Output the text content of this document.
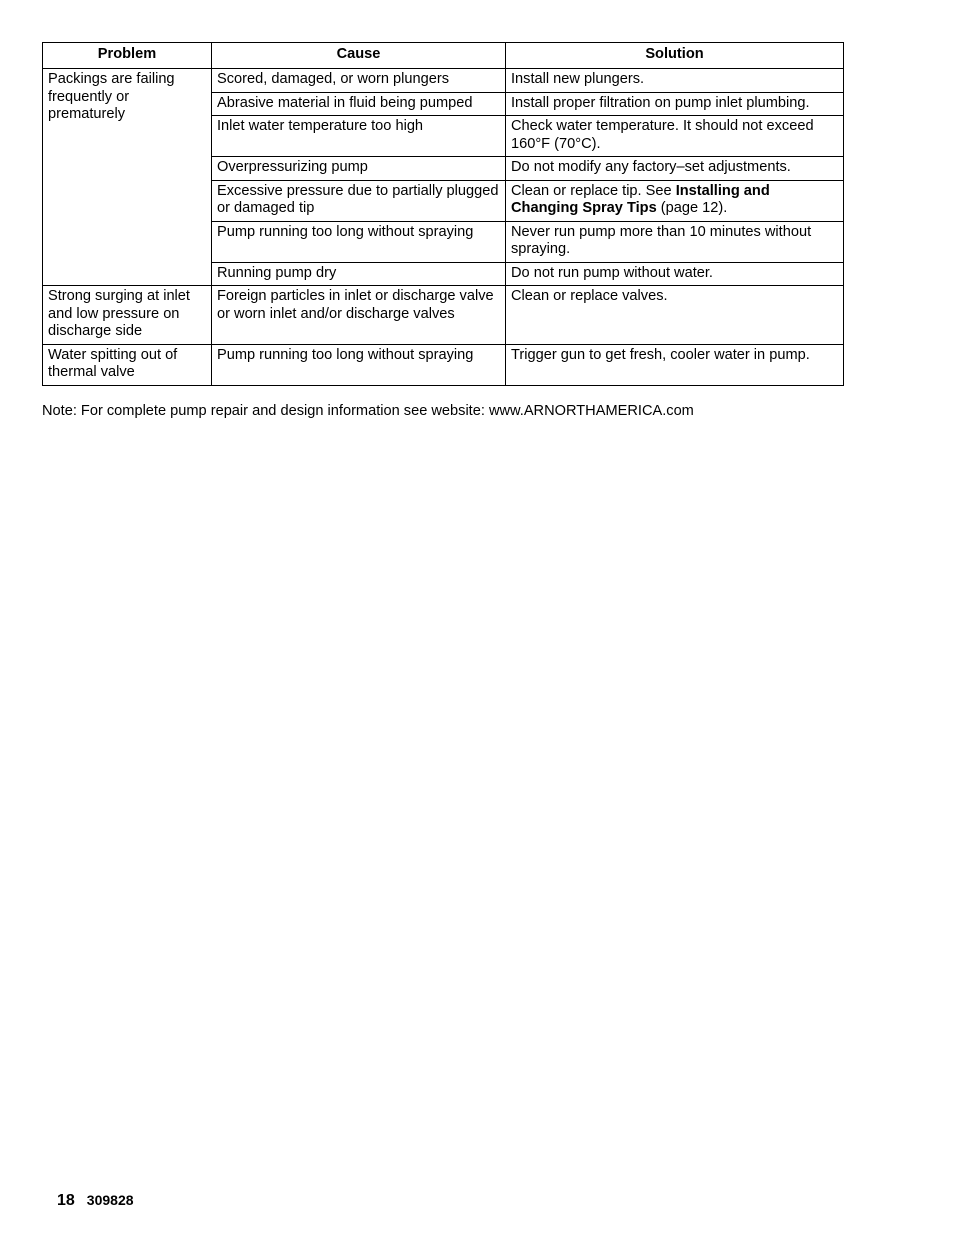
Problem	Cause	Solution
Packings are failing frequently or prematurely	Scored, damaged, or worn plungers	Install new plungers.
	Abrasive material in fluid being pumped	Install proper filtration on pump inlet plumbing.
	Inlet water temperature too high	Check water temperature. It should not exceed 160°F (70°C).
	Overpressurizing pump	Do not modify any factory–set adjustments.
	Excessive pressure due to partially plugged or damaged tip	Clean or replace tip. See Installing and Changing Spray Tips (page 12).
	Pump running too long without spraying	Never run pump more than 10 minutes without spraying.
	Running pump dry	Do not run pump without water.
Strong surging at inlet and low pressure on discharge side	Foreign particles in inlet or discharge valve or worn inlet and/or discharge valves	Clean or replace valves.
Water spitting out of thermal valve	Pump running too long without spraying	Trigger gun to get fresh, cooler water in pump.
Note: For complete pump repair and design information see website: www.ARNORTHAMERICA.com
18 309828
